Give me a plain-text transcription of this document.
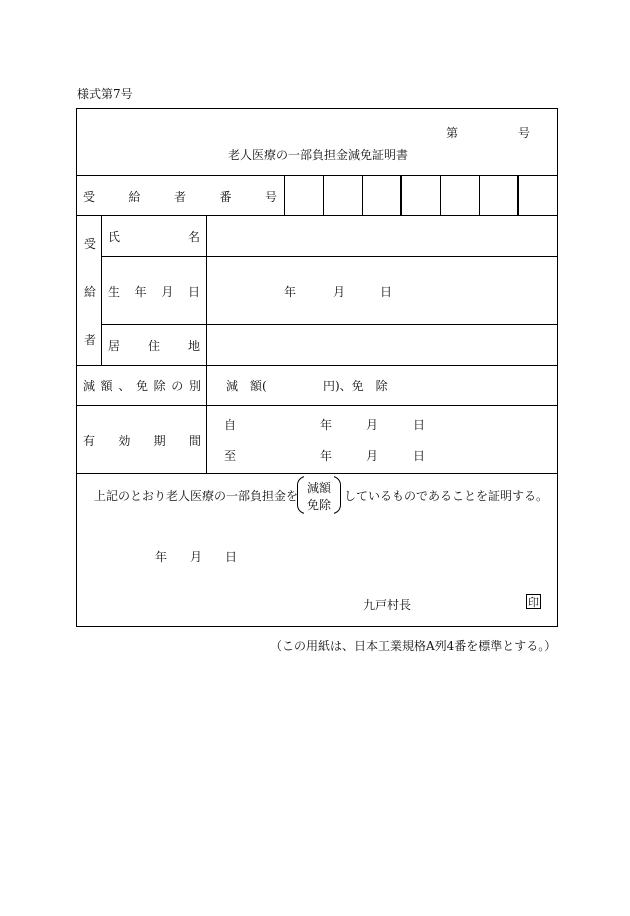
様式第7号
第	号
老人医療の一部負担金減免証明書
受	給	者	番	号
受
給
者
氏	名
生 年 月 日	年	月	日
居 住 地
減 額 、 免 除 の 別 減　額(	円)、免　除
有 効 期 間
自	年	月	日
至	年	月	日
上記のとおり老人医療の一部負担金を
減額
免除
しているものであることを証明する。
年 月 日
九戸村長	印
（この用紙は、日本工業規格A列4番を標準とする。）
